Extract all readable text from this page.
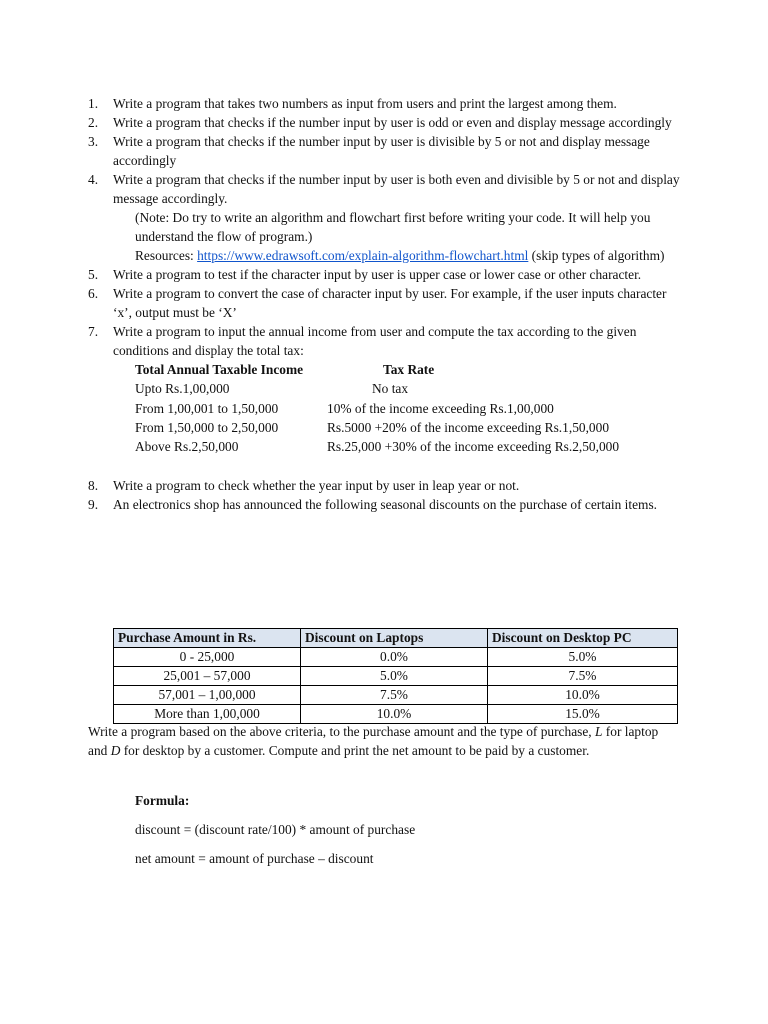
1.	Write a program that takes two numbers as input from users and print the largest among them.
2.	Write a program that checks if the number input by user is odd or even and display message accordingly
3.	Write a program that checks if the number input by user is divisible by 5 or not and display message accordingly
4.	Write a program that checks if the number input by user is both even and divisible by 5 or not and display message accordingly.
(Note: Do try to write an algorithm and flowchart first before writing your code. It will help you understand the flow of program.)
Resources: https://www.edrawsoft.com/explain-algorithm-flowchart.html (skip types of algorithm)
5.	Write a program to test if the character input by user is upper case or lower case or other character.
6.	Write a program to convert the case of character input by user. For example, if the user inputs character ‘x’, output must be ‘X’
7.	Write a program to input the annual income from user and compute the tax according to the given conditions and display the total tax:
Total Annual Taxable Income	Tax Rate
Upto Rs.1,00,000	No tax
From 1,00,001 to 1,50,000	10% of the income exceeding Rs.1,00,000
From 1,50,000 to 2,50,000	Rs.5000 +20% of the income exceeding Rs.1,50,000
Above Rs.2,50,000	Rs.25,000 +30% of the income exceeding Rs.2,50,000
8.	Write a program to check whether the year input by user in leap year or not.
9.	An electronics shop has announced the following seasonal discounts on the purchase of certain items.
Purchase Amount in Rs.	Discount on Laptops	Discount on Desktop PC
0 - 25,000	0.0%	5.0%
25,001 – 57,000	5.0%	7.5%
57,001 – 1,00,000	7.5%	10.0%
More than 1,00,000	10.0%	15.0%
Write a program based on the above criteria, to the purchase amount and the type of purchase, L for laptop and D for desktop by a customer. Compute and print the net amount to be paid by a customer.
Formula:
discount = (discount rate/100) * amount of purchase
net amount = amount of purchase – discount
